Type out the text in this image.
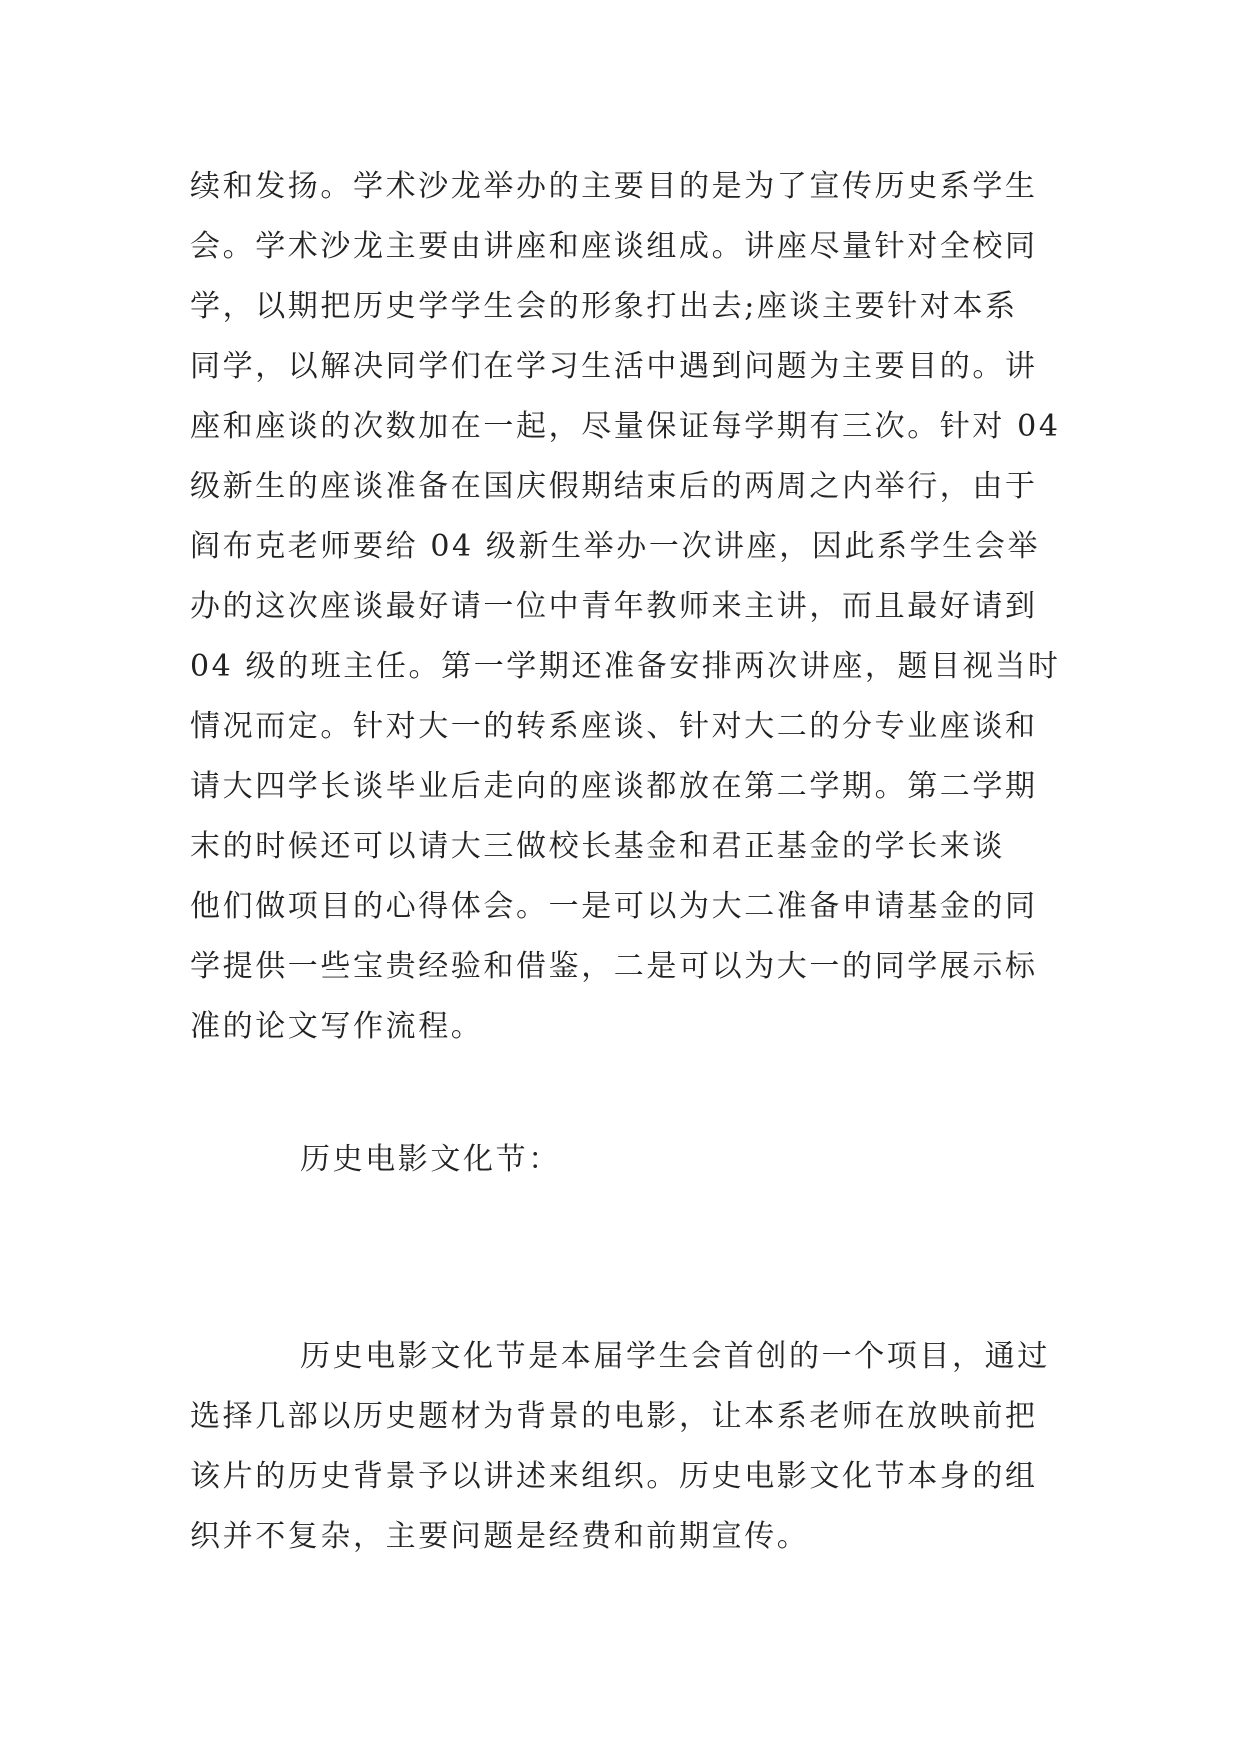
续和发扬。学术沙龙举办的主要目的是为了宣传历史系学生
会。学术沙龙主要由讲座和座谈组成。讲座尽量针对全校同
学，以期把历史学学生会的形象打出去;座谈主要针对本系
同学，以解决同学们在学习生活中遇到问题为主要目的。讲
座和座谈的次数加在一起，尽量保证每学期有三次。针对 04
级新生的座谈准备在国庆假期结束后的两周之内举行，由于
阎布克老师要给 04 级新生举办一次讲座，因此系学生会举
办的这次座谈最好请一位中青年教师来主讲，而且最好请到
04 级的班主任。第一学期还准备安排两次讲座，题目视当时
情况而定。针对大一的转系座谈、针对大二的分专业座谈和
请大四学长谈毕业后走向的座谈都放在第二学期。第二学期
末的时候还可以请大三做校长基金和君正基金的学长来谈
他们做项目的心得体会。一是可以为大二准备申请基金的同
学提供一些宝贵经验和借鉴，二是可以为大一的同学展示标
准的论文写作流程。
历史电影文化节：
历史电影文化节是本届学生会首创的一个项目，通过
选择几部以历史题材为背景的电影，让本系老师在放映前把
该片的历史背景予以讲述来组织。历史电影文化节本身的组
织并不复杂，主要问题是经费和前期宣传。
